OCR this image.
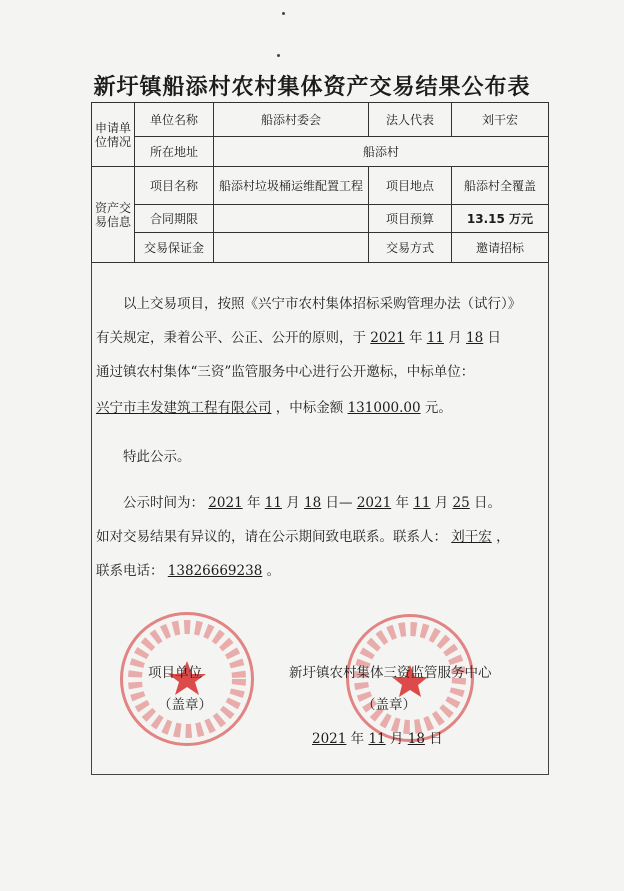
新圩镇船添村农村集体资产交易结果公布表
申请单位情况	单位名称	船添村委会	法人代表	刘干宏
	所在地址	船添村		
资产交易信息	项目名称	船添村垃圾桶运维配置工程	项目地点	船添村全覆盖
	合同期限		项目预算	13.15 万元
	交易保证金		交易方式	邀请招标
以上交易项目，按照《兴宁市农村集体招标采购管理办法（试行）》
有关规定，秉着公平、公正、公开的原则，于 2021 年 11 月 18 日
通过镇农村集体“三资”监管服务中心进行公开邀标，中标单位：
兴宁市丰发建筑工程有限公司 ，中标金额 131000.00 元。
特此公示。
公示时间为： 2021 年 11 月 18 日— 2021 年 11 月 25 日。
如对交易结果有异议的，请在公示期间致电联系。联系人： 刘干宏 ，
联系电话： 13826669238 。
项目单位
（盖章）
新圩镇农村集体三资监管服务中心
（盖章）
2021 年 11 月 18 日
